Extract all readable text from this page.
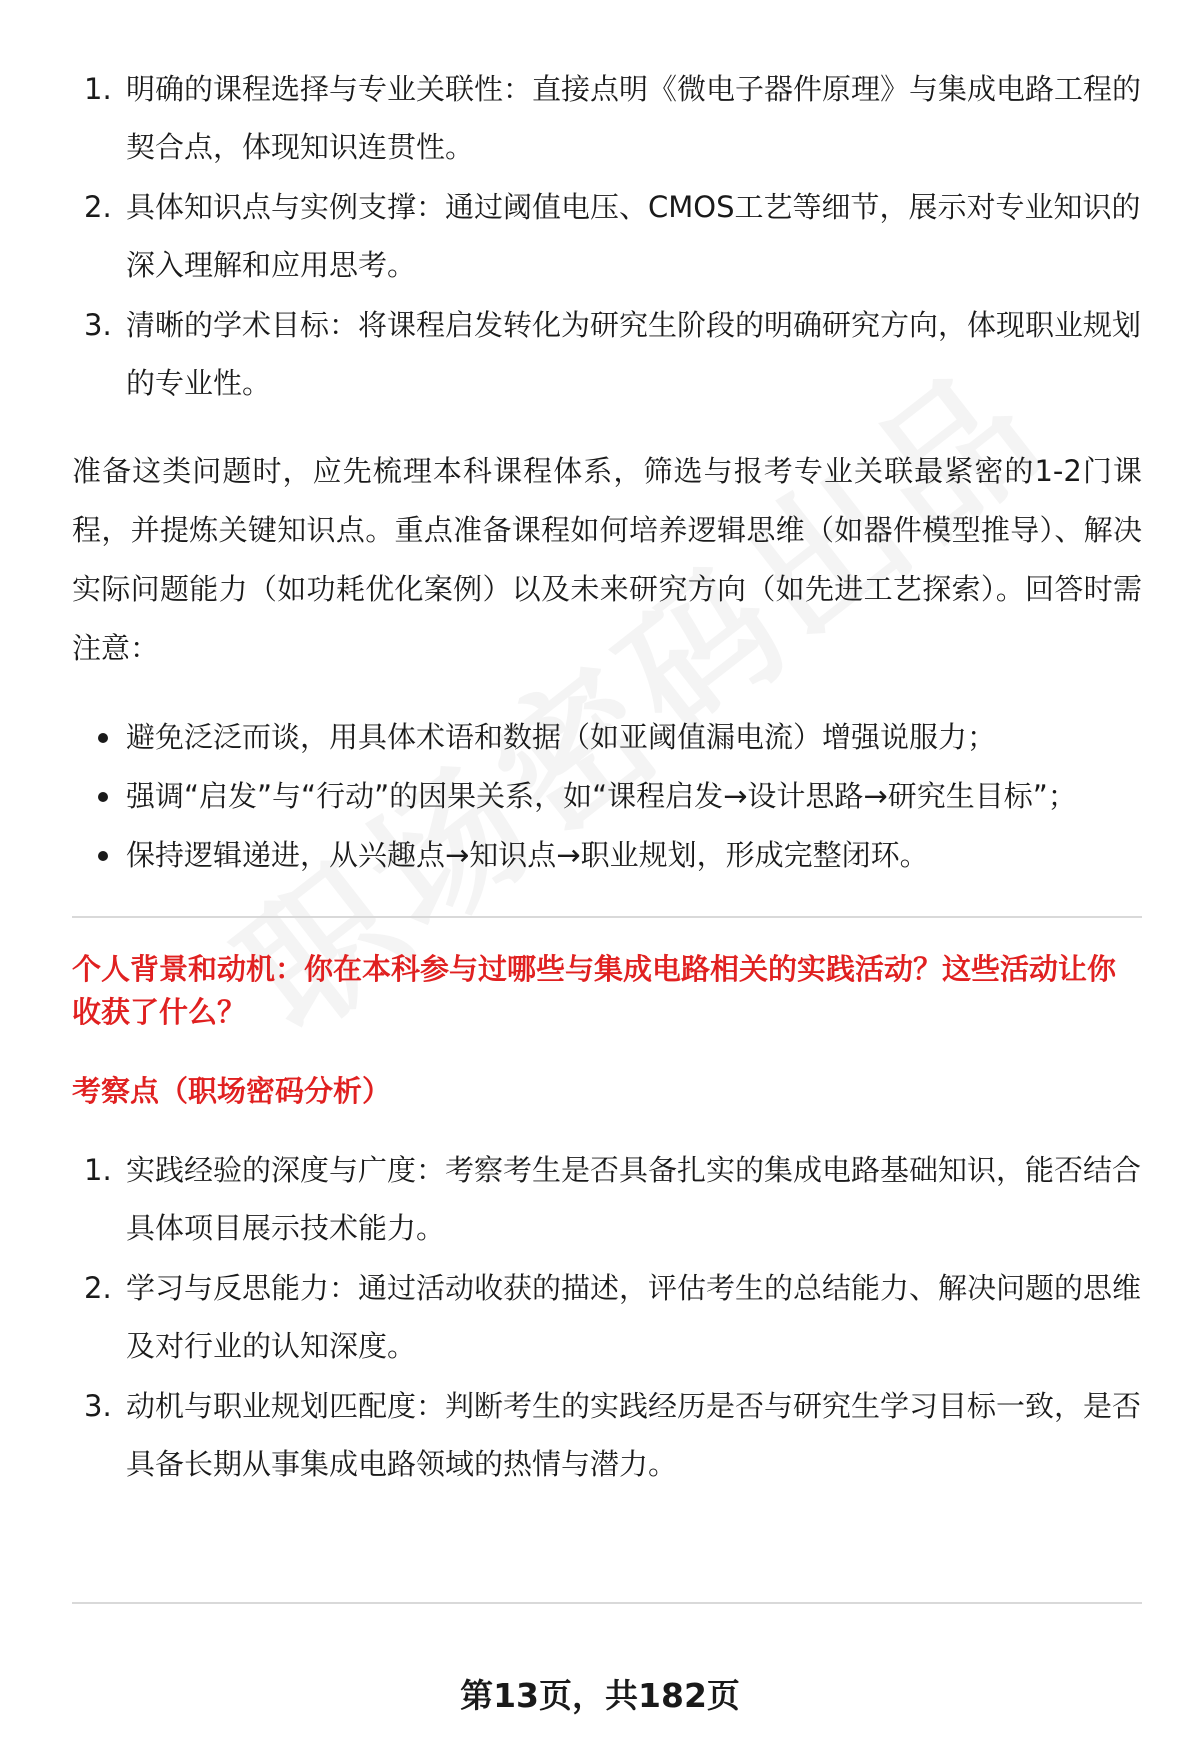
1. 明确的课程选择与专业关联性：直接点明《微电子器件原理》与集成电路工程的契合点，体现知识连贯性。
2. 具体知识点与实例支撑：通过阈值电压、CMOS工艺等细节，展示对专业知识的深入理解和应用思考。
3. 清晰的学术目标：将课程启发转化为研究生阶段的明确研究方向，体现职业规划的专业性。

准备这类问题时，应先梳理本科课程体系，筛选与报考专业关联最紧密的1-2门课程，并提炼关键知识点。重点准备课程如何培养逻辑思维（如器件模型推导）、解决实际问题能力（如功耗优化案例）以及未来研究方向（如先进工艺探索）。回答时需注意：

避免泛泛而谈，用具体术语和数据（如亚阈值漏电流）增强说服力；
强调“启发”与“行动”的因果关系，如“课程启发→设计思路→研究生目标”；
保持逻辑递进，从兴趣点→知识点→职业规划，形成完整闭环。
个人背景和动机：你在本科参与过哪些与集成电路相关的实践活动？这些活动让你收获了什么？
考察点（职场密码分析）
1. 实践经验的深度与广度：考察考生是否具备扎实的集成电路基础知识，能否结合具体项目展示技术能力。
2. 学习与反思能力：通过活动收获的描述，评估考生的总结能力、解决问题的思维及对行业的认知深度。
3. 动机与职业规划匹配度：判断考生的实践经历是否与研究生学习目标一致，是否具备长期从事集成电路领域的热情与潜力。
第13页，共182页
